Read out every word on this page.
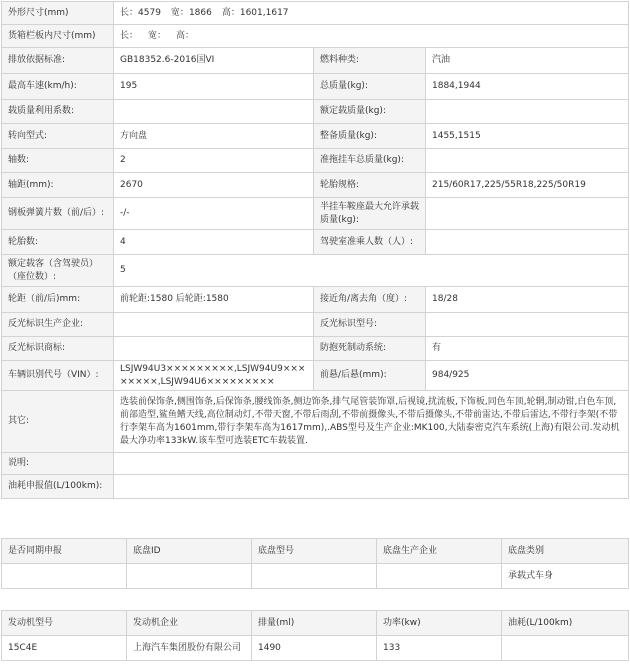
外形尺寸(mm)	长：4579 宽：1866 高：1601,1617		
货箱栏板内尺寸(mm)	长： 宽： 高：		
排放依据标准:	GB18352.6-2016国VI	燃料种类:	汽油
最高车速(km/h):	195	总质量(kg):	1884,1944
载质量利用系数:		额定载质量(kg):	
转向型式:	方向盘	整备质量(kg):	1455,1515
轴数:	2	准拖挂车总质量(kg):	
轴距(mm):	2670	轮胎规格:	215/60R17,225/55R18,225/50R19
钢板弹簧片数（前/后）:	-/-	半挂车鞍座最大允许承载质量(kg):	
轮胎数:	4	驾驶室准乘人数（人）:	
额定载客（含驾驶员）（座位数）:	5		
轮距（前/后)mm:	前轮距:1580 后轮距:1580	接近角/离去角（度）:	18/28
反光标识生产企业:		反光标识型号:	
反光标识商标:		防抱死制动系统:	有
车辆识别代号（VIN）:	LSJW94U3×××××××××,LSJW94U9××××××××,LSJW94U6×××××××××	前悬/后悬(mm):	984/925
其它:	选装前保饰条,侧围饰条,后保饰条,腰线饰条,侧边饰条,排气尾管装饰罩,后视镜,扰流板,下饰板,同色车顶,轮辋,制动钳,白色车顶,前部造型,鲨鱼鳍天线,高位制动灯,不带天窗,不带后雨刮,不带前摄像头,不带后摄像头,不带前雷达,不带后雷达,不带行李架(不带行李架车高为1601mm,带行李架车高为1617mm),.ABS型号及生产企业:MK100,大陆泰密克汽车系统(上海)有限公司.发动机最大净功率133kW.该车型可选装ETC车载装置.		
说明:			
油耗申报值(L/100km):			
是否同期申报	底盘ID	底盘型号	底盘生产企业	底盘类别
				承载式车身
发动机型号	发动机企业	排量(ml)	功率(kw)	油耗(L/100km)
15C4E	上海汽车集团股份有限公司	1490	133	
